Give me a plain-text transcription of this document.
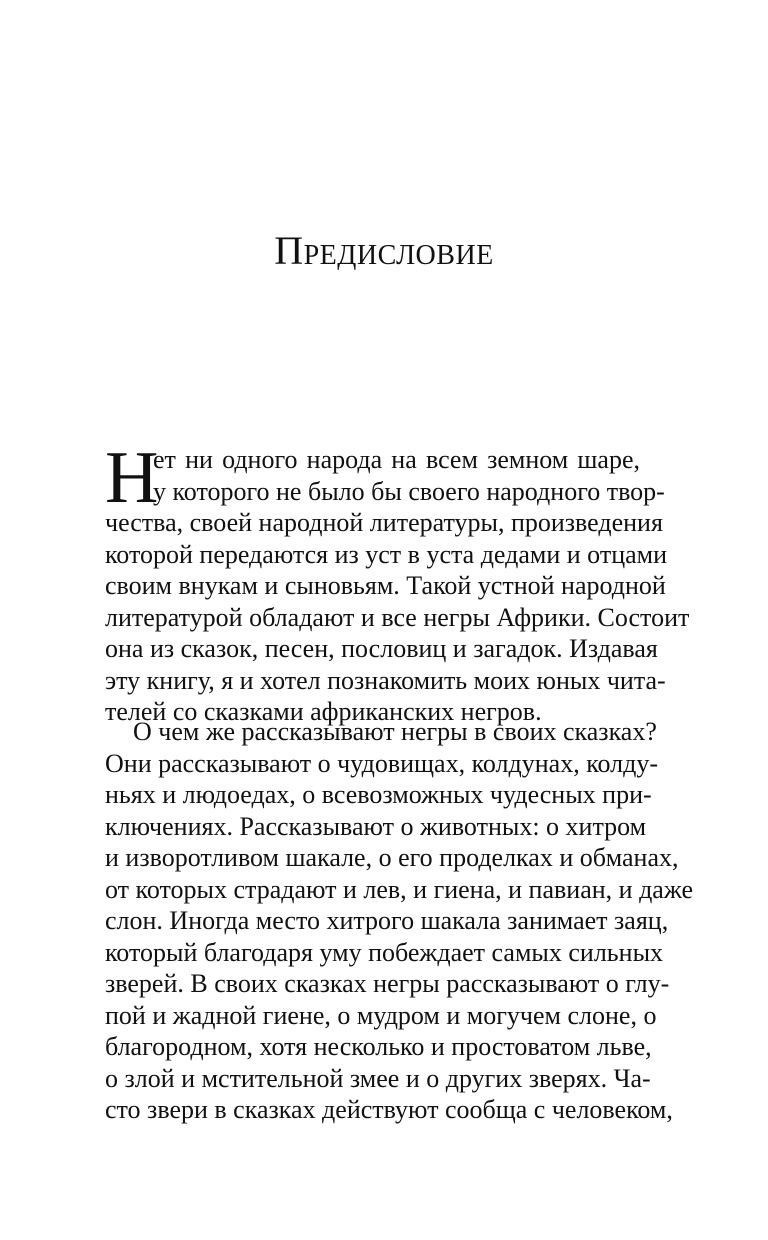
Предисловие
Н
ет ни одного народа на всем земном шаре,
у которого не было бы своего народного твор-
чества, своей народной литературы, произведения
которой передаются из уст в уста дедами и отцами
своим внукам и сыновьям. Такой устной народной
литературой обладают и все негры Африки. Состоит
она из сказок, песен, пословиц и загадок. Издавая
эту книгу, я и хотел познакомить моих юных чита-
телей со сказками африканских негров.
О чем же рассказывают негры в своих сказках?
Они рассказывают о чудовищах, колдунах, колду-
ньях и людоедах, о всевозможных чудесных при-
ключениях. Рассказывают о животных: о хитром
и изворотливом шакале, о его проделках и обманах,
от которых страдают и лев, и гиена, и павиан, и даже
слон. Иногда место хитрого шакала занимает заяц,
который благодаря уму побеждает самых сильных
зверей. В своих сказках негры рассказывают о глу-
пой и жадной гиене, о мудром и могучем слоне, о
благородном, хотя несколько и простоватом льве,
о злой и мстительной змее и о других зверях. Ча-
сто звери в сказках действуют сообща с человеком,
